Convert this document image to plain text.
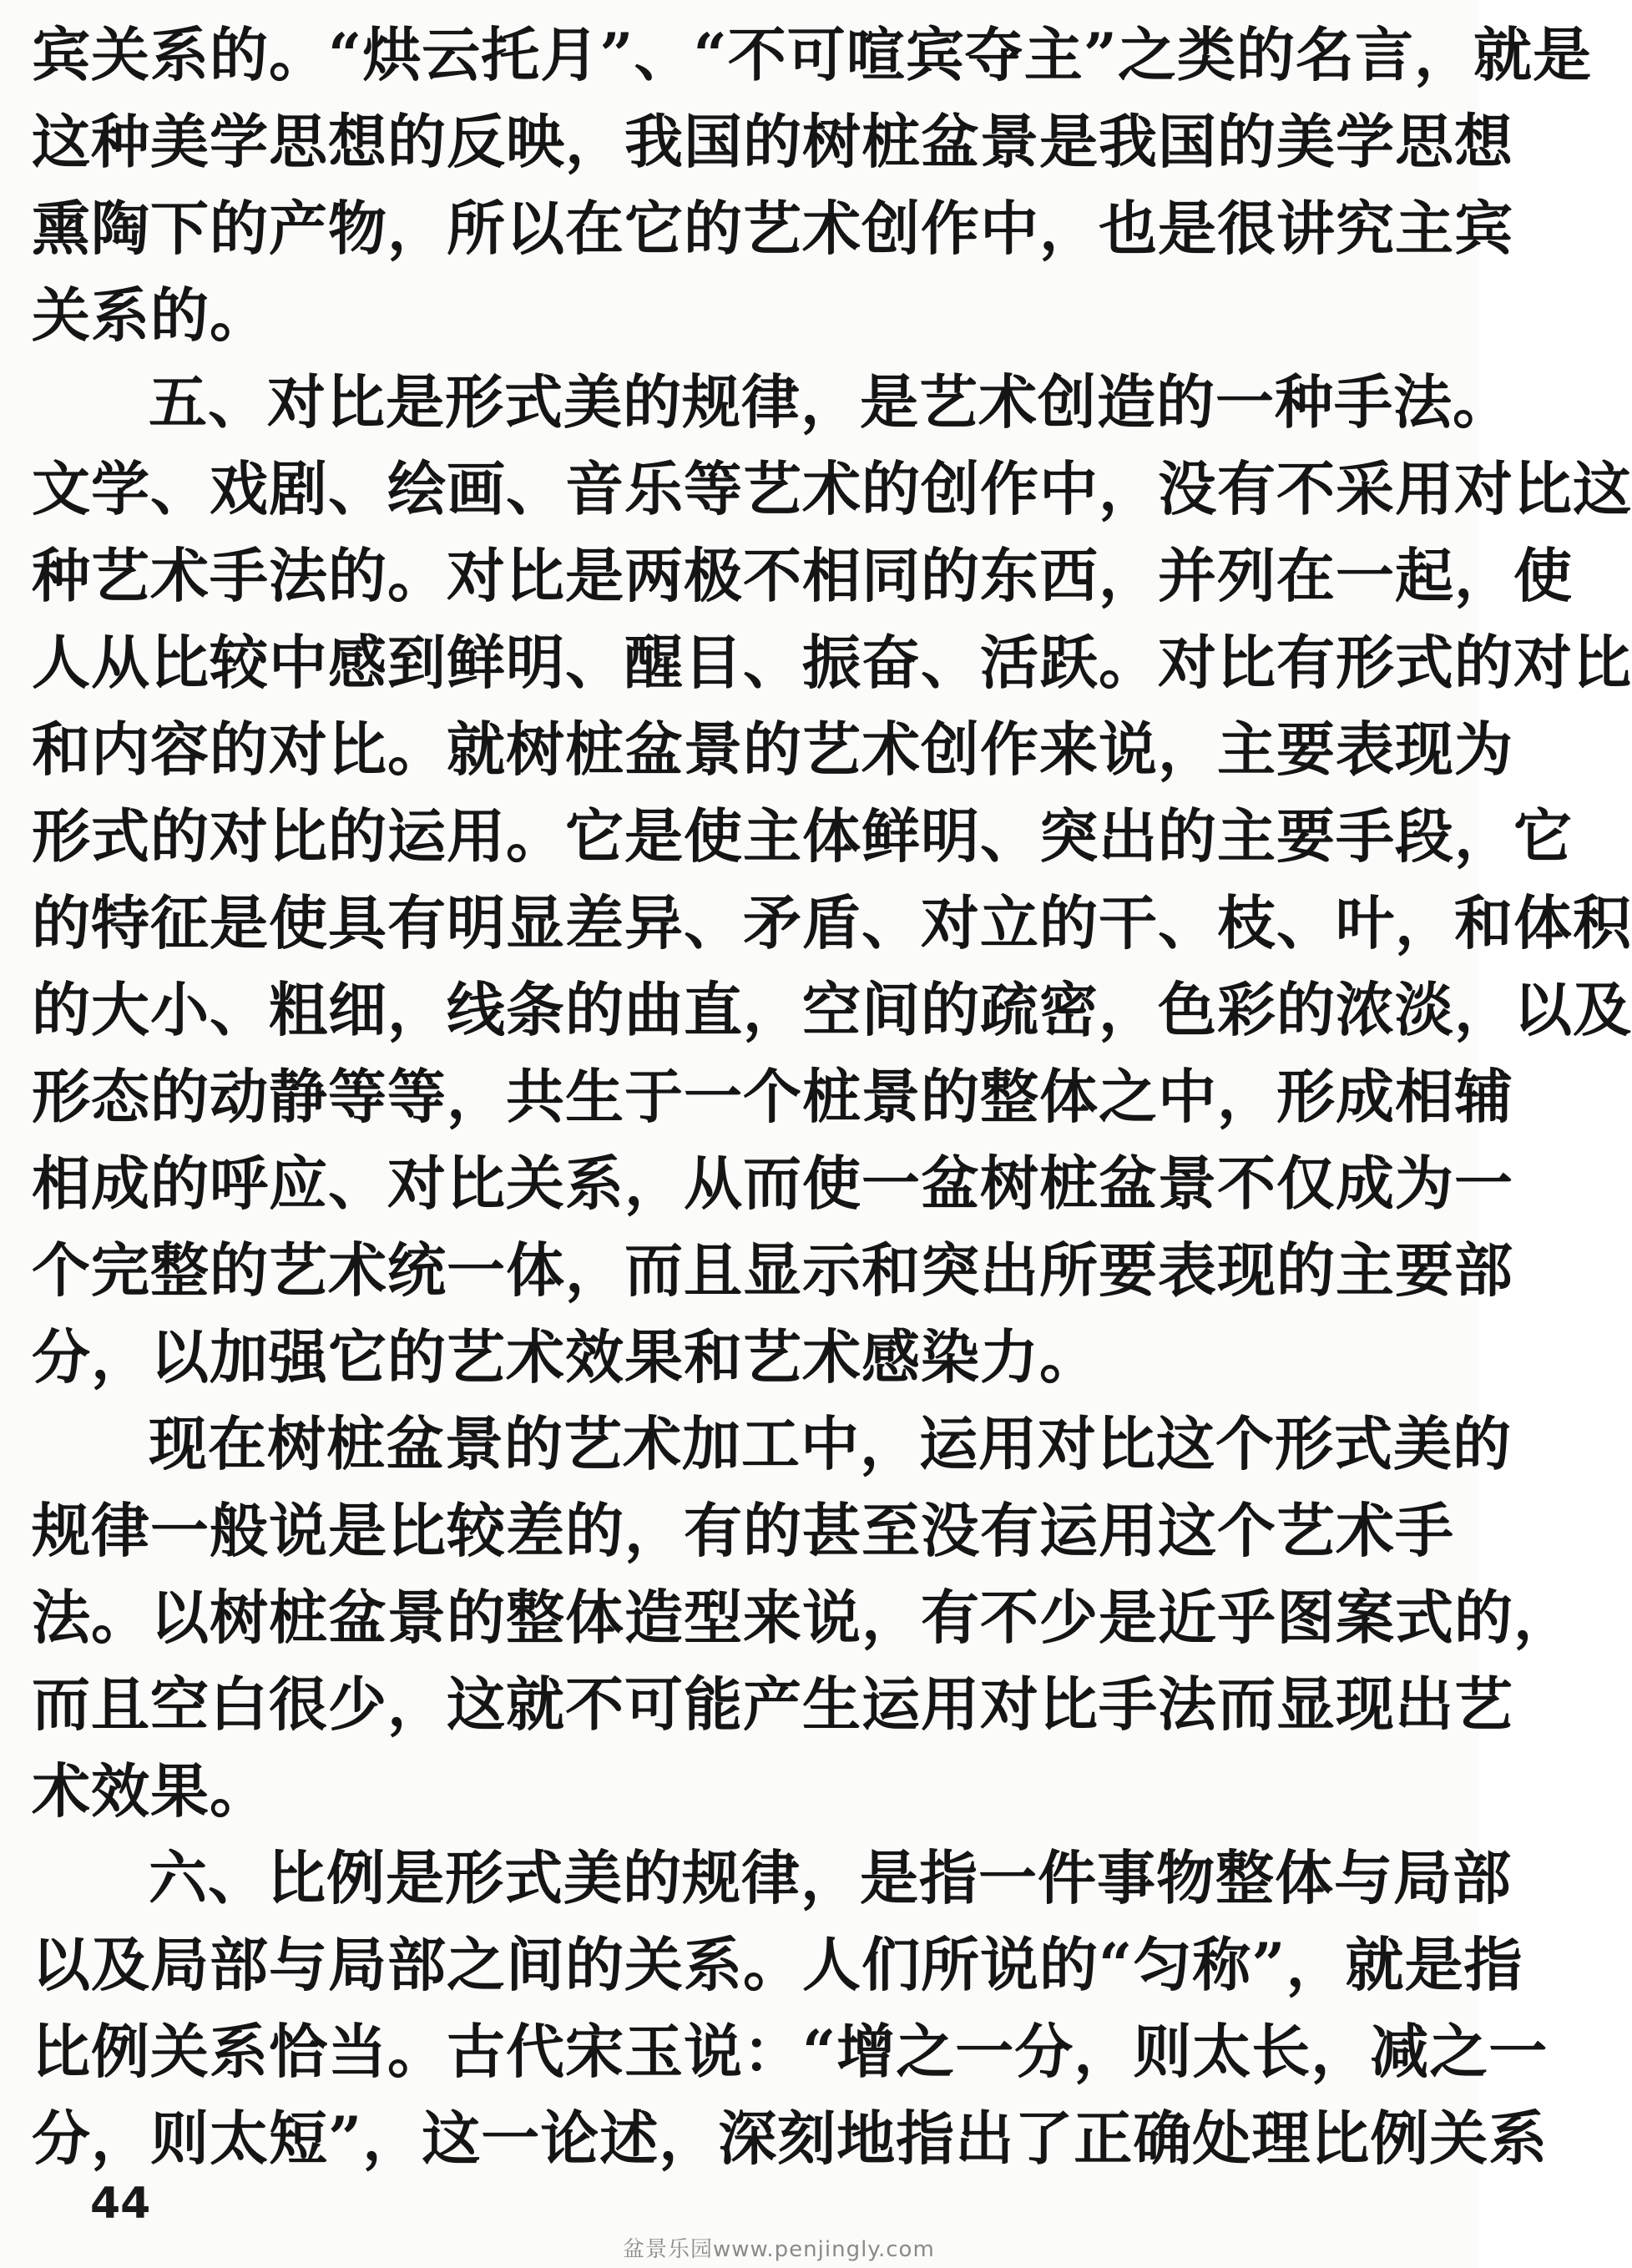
宾关系的。“烘云托月”、“不可喧宾夺主”之类的名言，就是
这种美学思想的反映，我国的树桩盆景是我国的美学思想
熏陶下的产物，所以在它的艺术创作中，也是很讲究主宾
关系的。
五、对比是形式美的规律，是艺术创造的一种手法。
文学、戏剧、绘画、音乐等艺术的创作中，没有不采用对比这
种艺术手法的。对比是两极不相同的东西，并列在一起，使
人从比较中感到鲜明、醒目、振奋、活跃。对比有形式的对比
和内容的对比。就树桩盆景的艺术创作来说，主要表现为
形式的对比的运用。它是使主体鲜明、突出的主要手段，它
的特征是使具有明显差异、矛盾、对立的干、枝、叶，和体积
的大小、粗细，线条的曲直，空间的疏密，色彩的浓淡，以及
形态的动静等等，共生于一个桩景的整体之中，形成相辅
相成的呼应、对比关系，从而使一盆树桩盆景不仅成为一
个完整的艺术统一体，而且显示和突出所要表现的主要部
分，以加强它的艺术效果和艺术感染力。
现在树桩盆景的艺术加工中，运用对比这个形式美的
规律一般说是比较差的，有的甚至没有运用这个艺术手
法。以树桩盆景的整体造型来说，有不少是近乎图案式的，
而且空白很少，这就不可能产生运用对比手法而显现出艺
术效果。
六、比例是形式美的规律，是指一件事物整体与局部
以及局部与局部之间的关系。人们所说的“匀称”，就是指
比例关系恰当。古代宋玉说：“增之一分，则太长，减之一
分，则太短”，这一论述，深刻地指出了正确处理比例关系
44
盆景乐园www.penjingly.com
